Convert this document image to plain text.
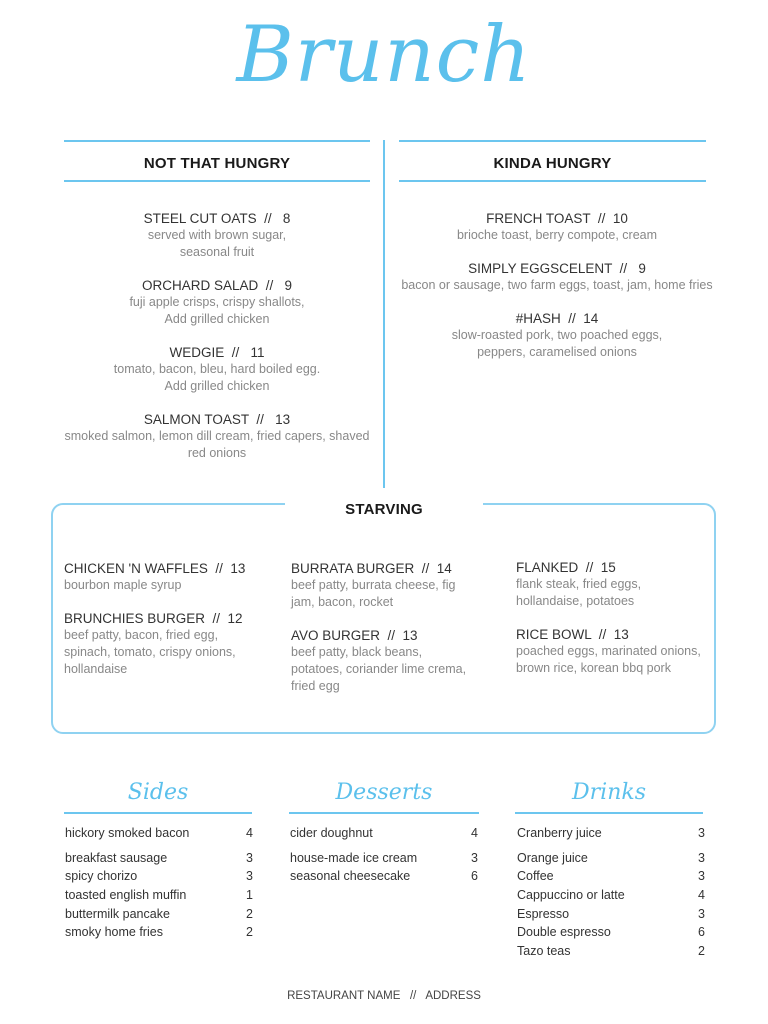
Brunch
NOT THAT HUNGRY	KINDA HUNGRY
STEEL CUT OATS  //   8
served with brown sugar,
seasonal fruit
ORCHARD SALAD  //   9
fuji apple crisps, crispy shallots,
Add grilled chicken
WEDGIE  //   11
tomato, bacon, bleu, hard boiled egg.
Add grilled chicken
SALMON TOAST  //   13
smoked salmon, lemon dill cream, fried capers, shaved
red onions
FRENCH TOAST  //  10
brioche toast, berry compote, cream
SIMPLY EGGSCELENT  //   9
bacon or sausage, two farm eggs, toast, jam, home fries
#HASH  //  14
slow-roasted pork, two poached eggs,
peppers, caramelised onions
STARVING
CHICKEN 'N WAFFLES  //  13
bourbon maple syrup
BRUNCHIES BURGER  //  12
beef patty, bacon, fried egg,
spinach, tomato, crispy onions,
hollandaise
BURRATA BURGER  //  14
beef patty, burrata cheese, fig
jam, bacon, rocket
AVO BURGER  //  13
beef patty, black beans,
potatoes, coriander lime crema,
fried egg
FLANKED  //  15
flank steak, fried eggs,
hollandaise, potatoes
RICE BOWL  //  13
poached eggs, marinated onions,
brown rice, korean bbq pork
Sides
hickory smoked bacon	4
breakfast sausage	3
spicy chorizo	3
toasted english muffin	1
buttermilk pancake	2
smoky home fries	2
Desserts
cider doughnut	4
house-made ice cream	3
seasonal cheesecake	6
Drinks
Cranberry juice	3
Orange juice	3
Coffee	3
Cappuccino or latte	4
Espresso	3
Double espresso	6
Tazo teas	2
RESTAURANT NAME   //   ADDRESS
